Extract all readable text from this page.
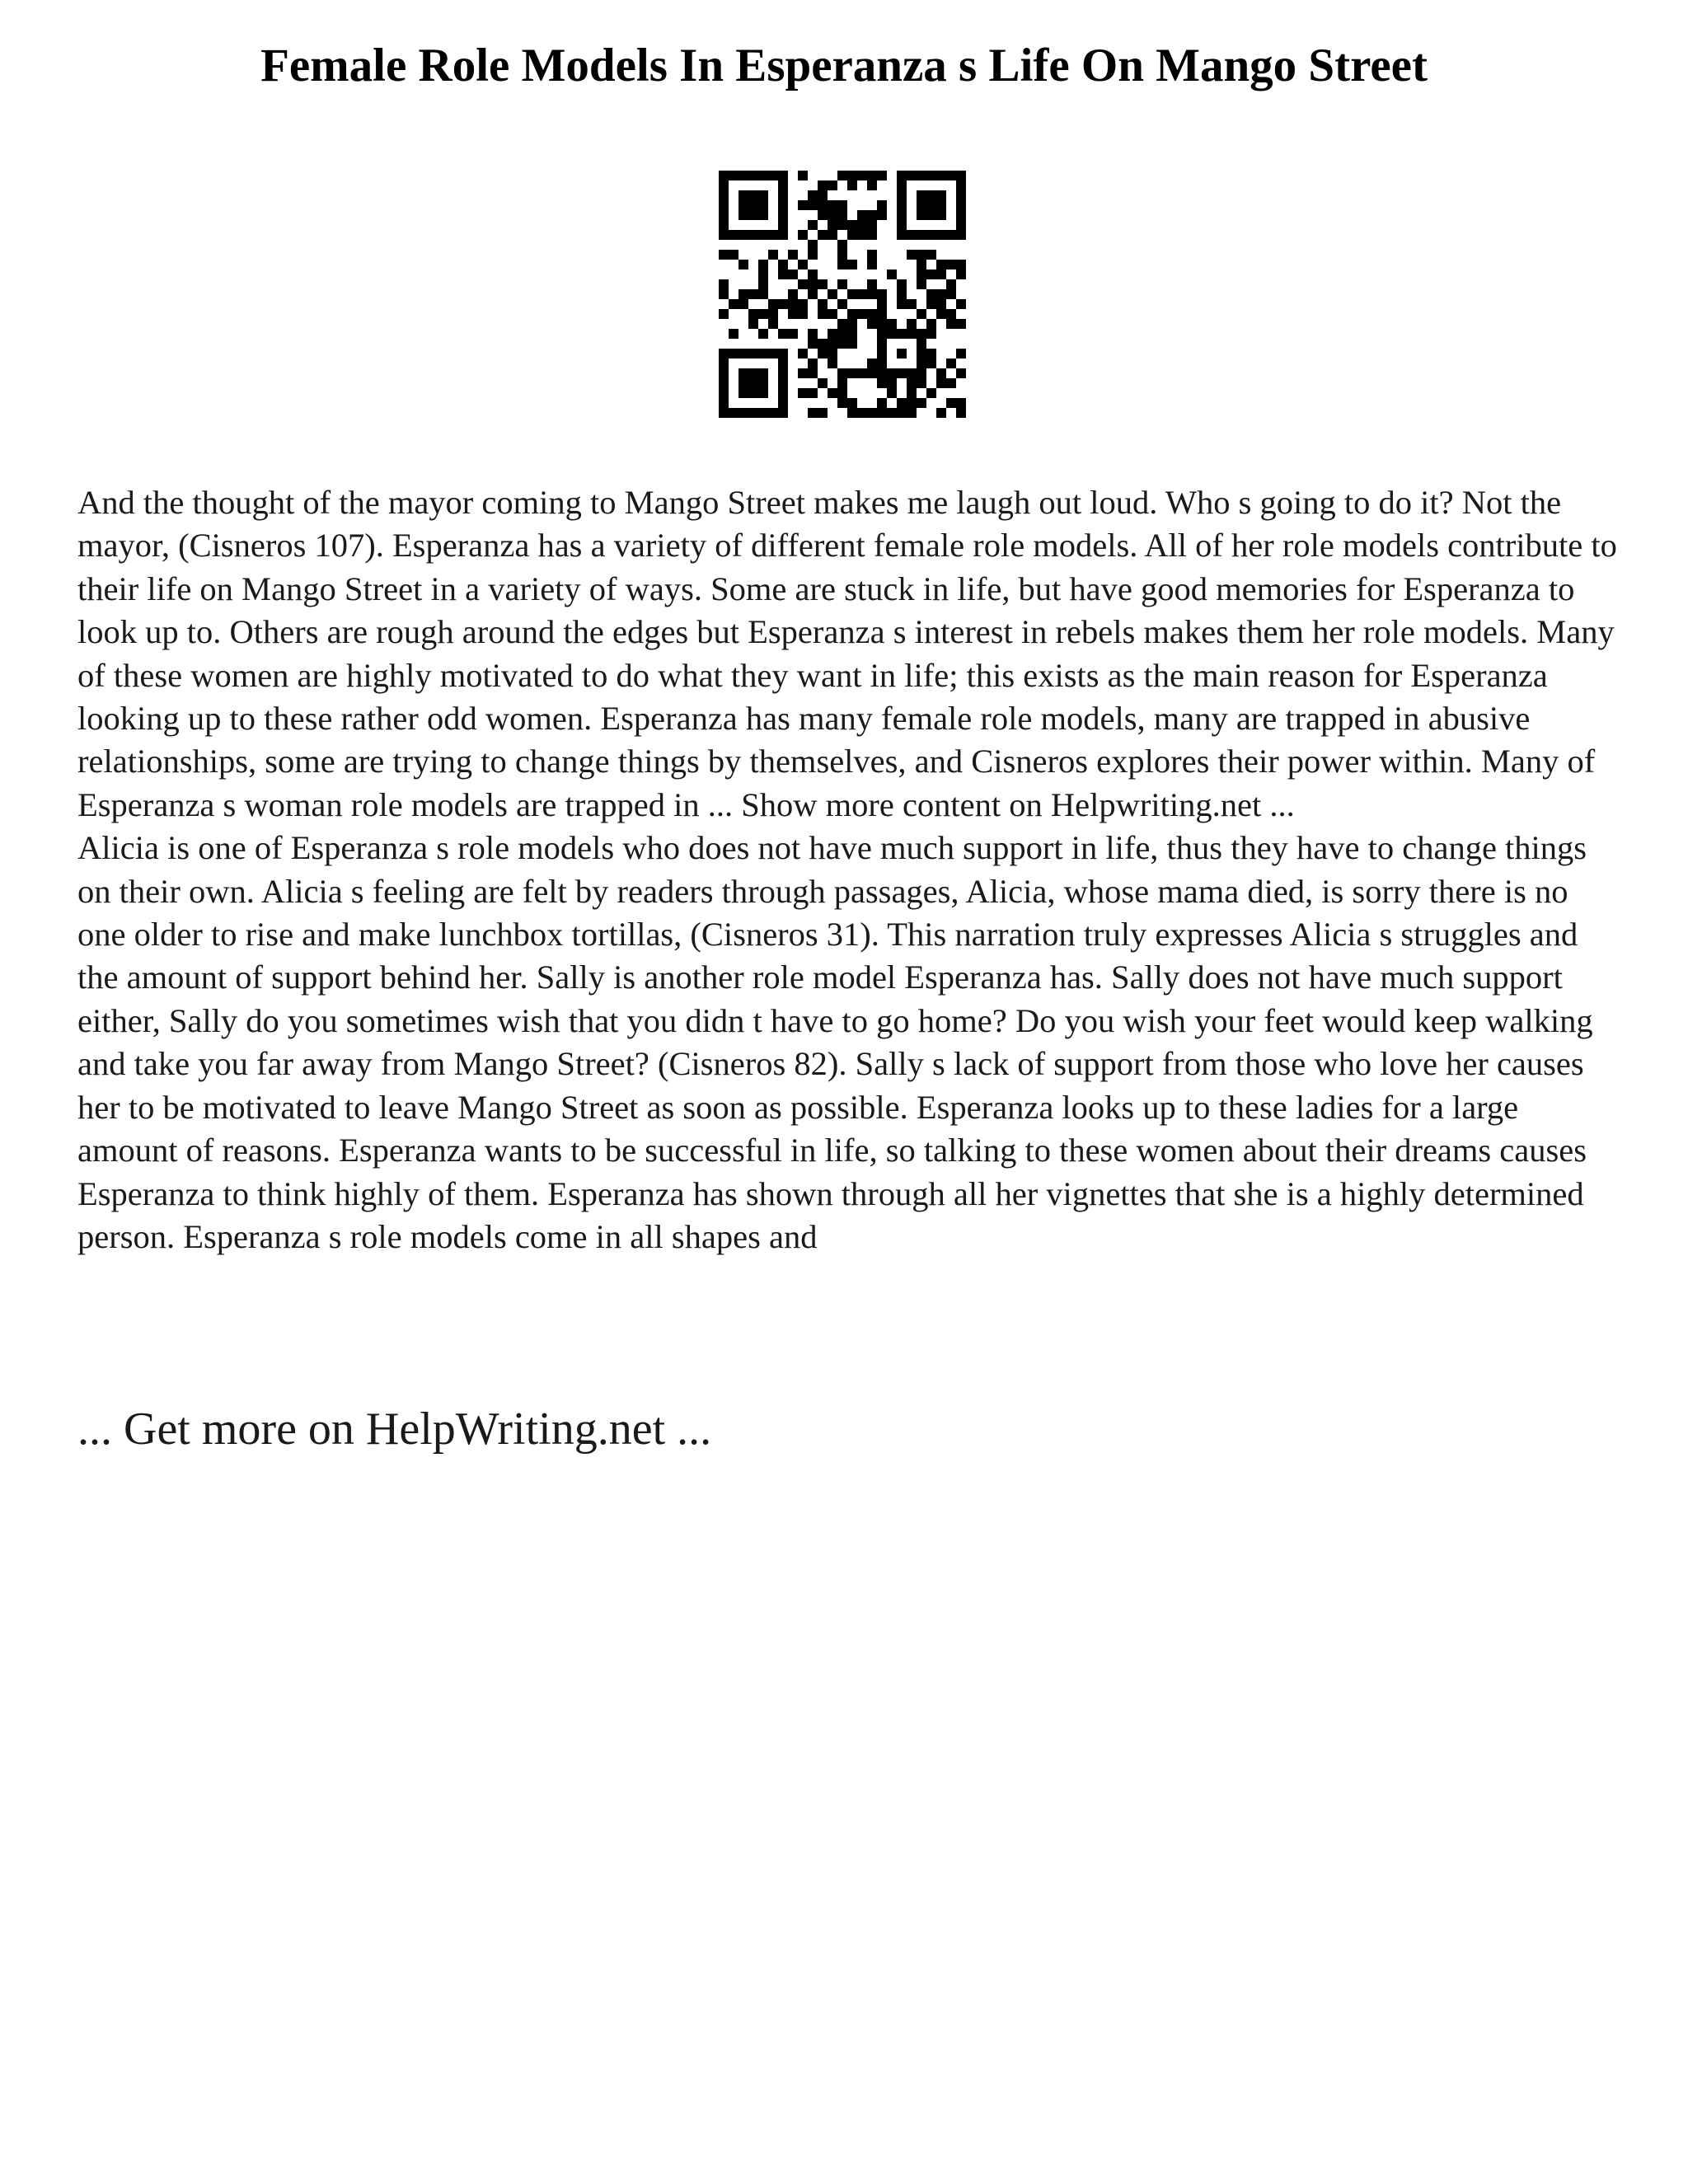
Female Role Models In Esperanza s Life On Mango Street

And the thought of the mayor coming to Mango Street makes me laugh out loud. Who s going to do it? Not the mayor, (Cisneros 107). Esperanza has a variety of different female role models. All of her role models contribute to their life on Mango Street in a variety of ways. Some are stuck in life, but have good memories for Esperanza to look up to. Others are rough around the edges but Esperanza s interest in rebels makes them her role models. Many of these women are highly motivated to do what they want in life; this exists as the main reason for Esperanza looking up to these rather odd women. Esperanza has many female role models, many are trapped in abusive relationships, some are trying to change things by themselves, and Cisneros explores their power within. Many of Esperanza s woman role models are trapped in ... Show more content on Helpwriting.net ...

Alicia is one of Esperanza s role models who does not have much support in life, thus they have to change things on their own. Alicia s feeling are felt by readers through passages, Alicia, whose mama died, is sorry there is no one older to rise and make lunchbox tortillas, (Cisneros 31). This narration truly expresses Alicia s struggles and the amount of support behind her. Sally is another role model Esperanza has. Sally does not have much support either, Sally do you sometimes wish that you didn t have to go home? Do you wish your feet would keep walking and take you far away from Mango Street? (Cisneros 82). Sally s lack of support from those who love her causes her to be motivated to leave Mango Street as soon as possible. Esperanza looks up to these ladies for a large amount of reasons. Esperanza wants to be successful in life, so talking to these women about their dreams causes Esperanza to think highly of them. Esperanza has shown through all her vignettes that she is a highly determined person. Esperanza s role models come in all shapes and

... Get more on HelpWriting.net ...
